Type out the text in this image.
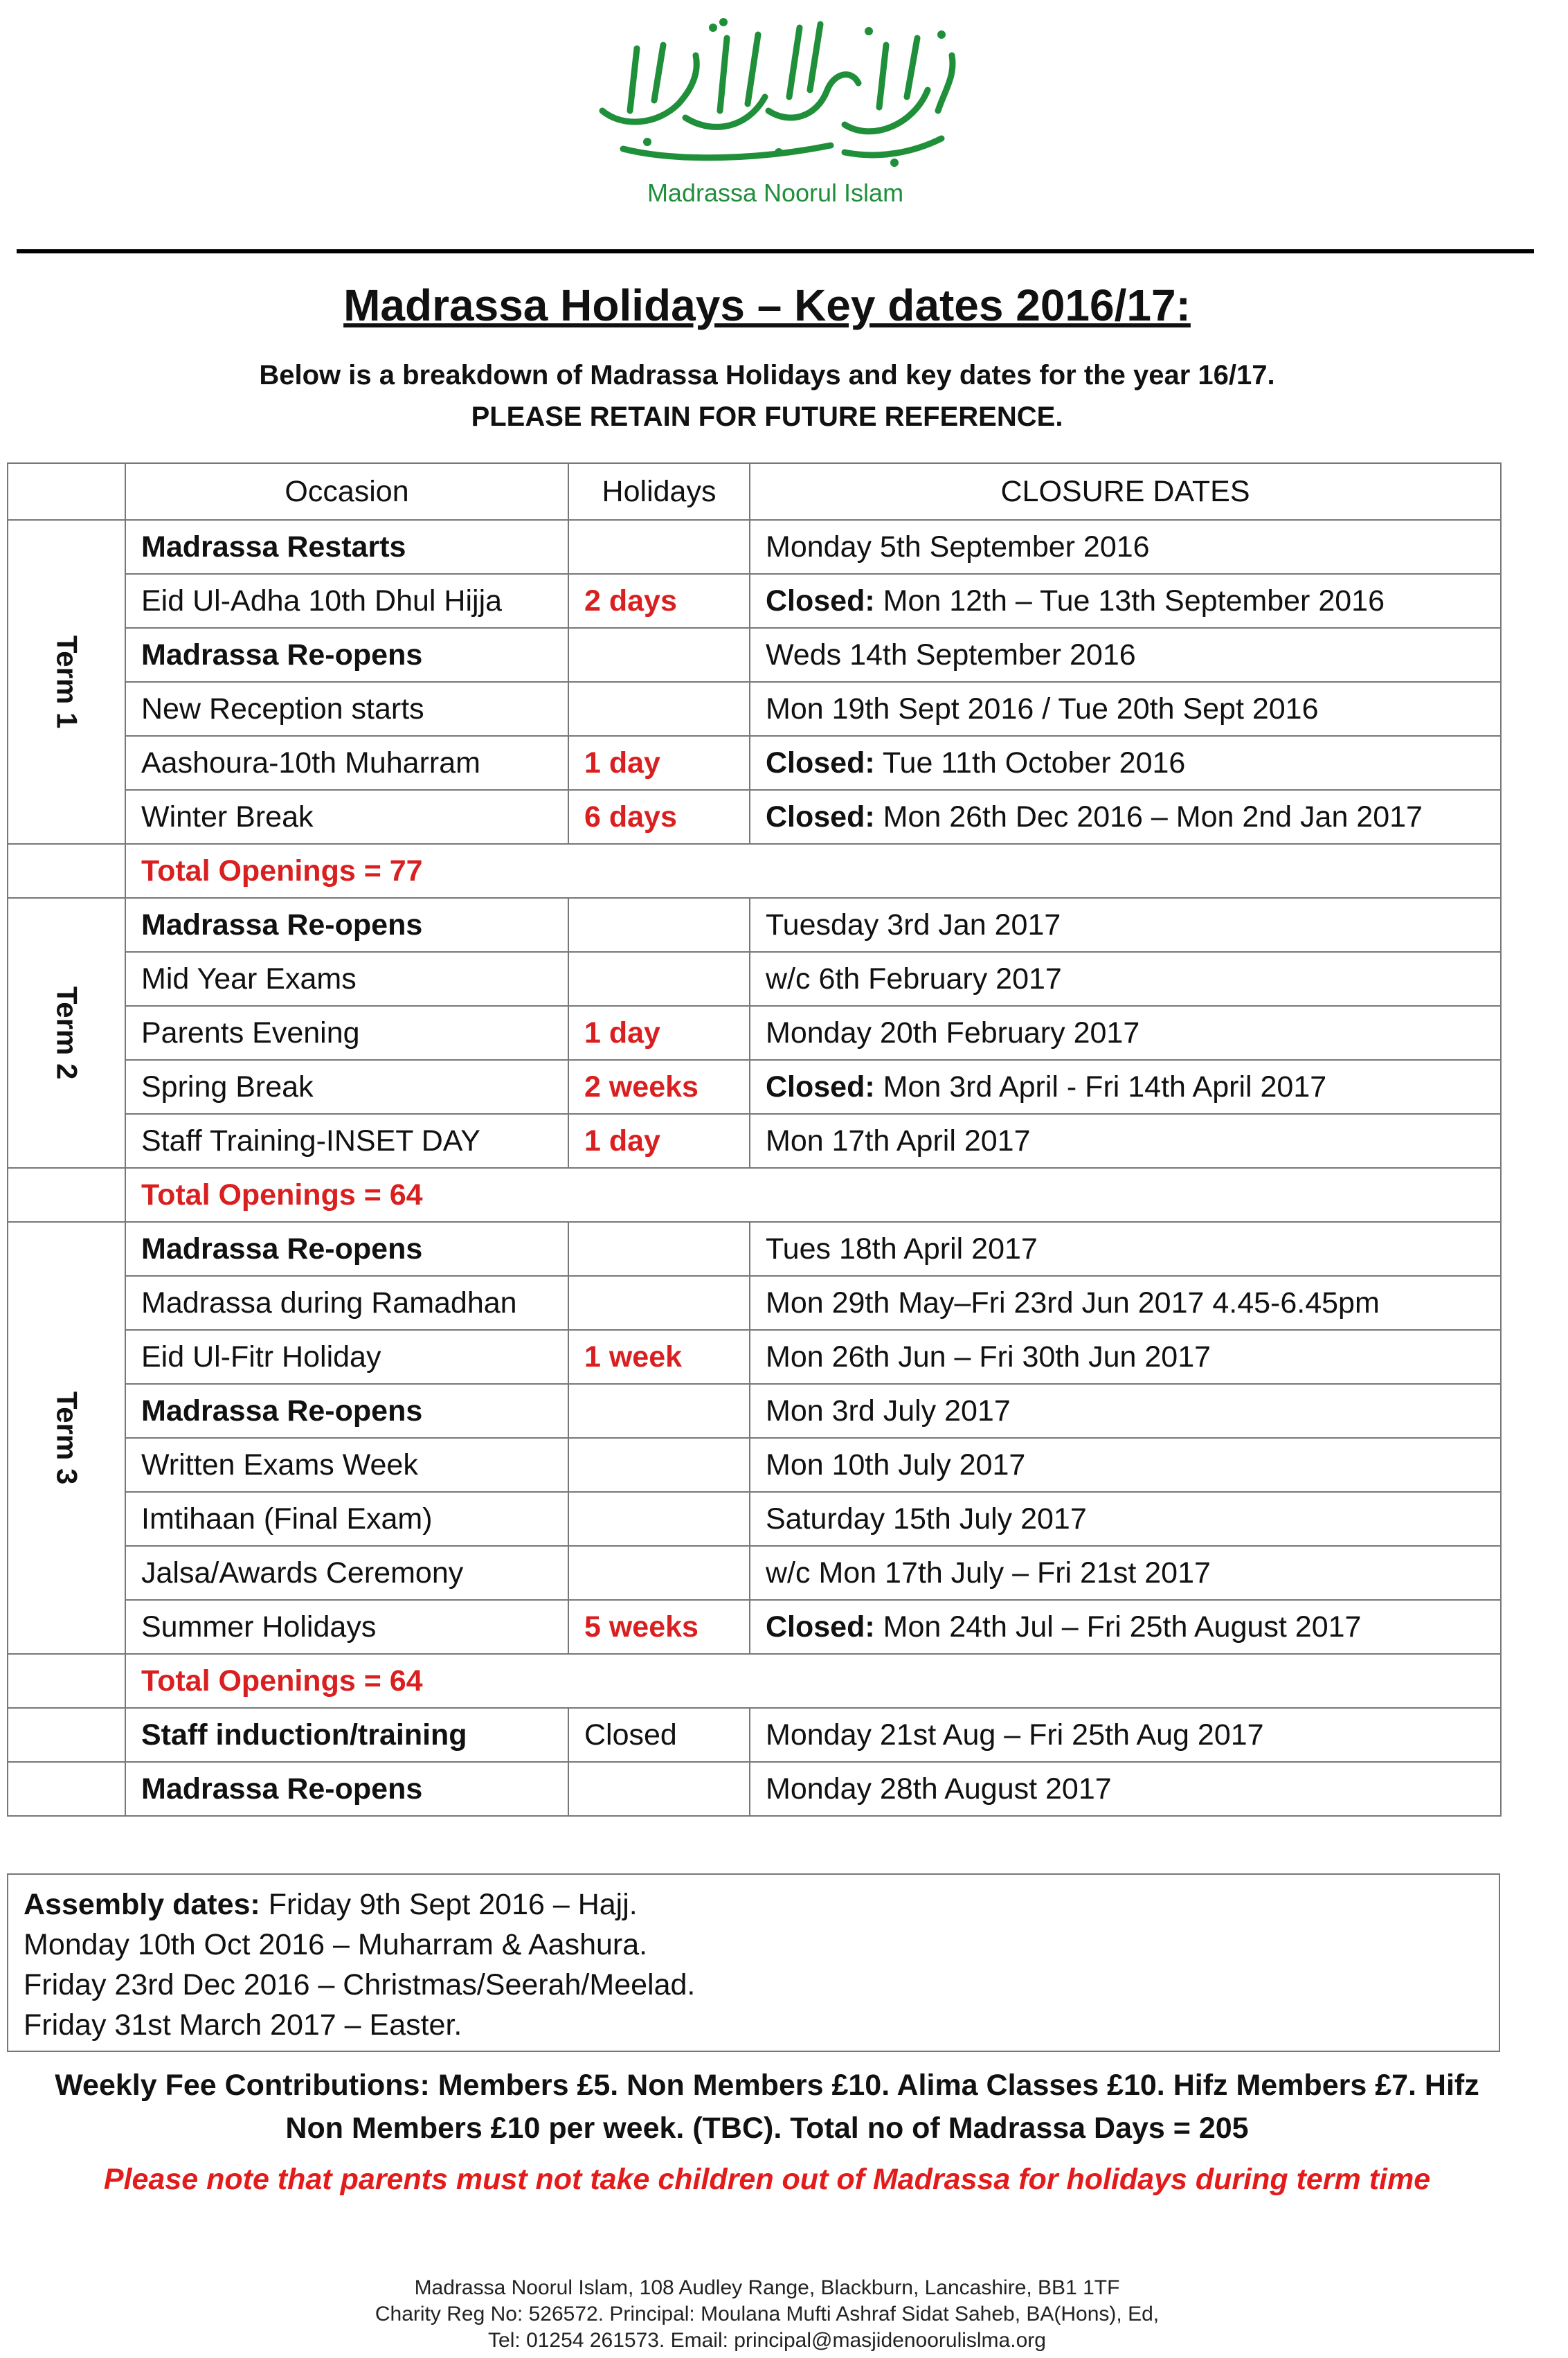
Madrassa Noorul Islam
Madrassa Holidays – Key dates 2016/17:
Below is a breakdown of Madrassa Holidays and key dates for the year 16/17.
PLEASE RETAIN FOR FUTURE REFERENCE.
	Occasion	Holidays	CLOSURE DATES
Term 1	Madrassa Restarts		Monday 5th September 2016
	Eid Ul-Adha 10th Dhul Hijja	2 days	Closed: Mon 12th – Tue 13th September 2016
	Madrassa Re-opens		Weds 14th September 2016
	New Reception starts		Mon 19th Sept 2016 / Tue 20th Sept 2016
	Aashoura-10th Muharram	1 day	Closed: Tue 11th October 2016
	Winter Break	6 days	Closed: Mon 26th Dec 2016 – Mon 2nd Jan 2017
	Total Openings = 77		
Term 2	Madrassa Re-opens		Tuesday 3rd Jan 2017
	Mid Year Exams		w/c 6th February 2017
	Parents Evening	1 day	Monday 20th February 2017
	Spring Break	2 weeks	Closed: Mon 3rd April - Fri 14th April 2017
	Staff Training-INSET DAY	1 day	Mon 17th April 2017
	Total Openings = 64		
Term 3	Madrassa Re-opens		Tues 18th April 2017
	Madrassa during Ramadhan		Mon 29th May–Fri 23rd Jun 2017 4.45-6.45pm
	Eid Ul-Fitr Holiday	1 week	Mon 26th Jun – Fri 30th Jun 2017
	Madrassa Re-opens		Mon 3rd July 2017
	Written Exams Week		Mon 10th July 2017
	Imtihaan (Final Exam)		Saturday 15th July 2017
	Jalsa/Awards Ceremony		w/c Mon 17th July – Fri 21st 2017
	Summer Holidays	5 weeks	Closed: Mon 24th Jul – Fri 25th August 2017
	Total Openings = 64		
	Staff induction/training	Closed	Monday 21st Aug – Fri 25th Aug 2017
	Madrassa Re-opens		Monday 28th August 2017
Assembly dates: Friday 9th Sept 2016 – Hajj.
Monday 10th Oct 2016 – Muharram & Aashura.
Friday 23rd Dec 2016 – Christmas/Seerah/Meelad.
Friday 31st March 2017 – Easter.
Weekly Fee Contributions: Members £5. Non Members £10. Alima Classes £10. Hifz Members £7. Hifz
Non Members £10 per week. (TBC). Total no of Madrassa Days = 205
Please note that parents must not take children out of Madrassa for holidays during term time
Madrassa Noorul Islam, 108 Audley Range, Blackburn, Lancashire, BB1 1TF
Charity Reg No: 526572. Principal: Moulana Mufti Ashraf Sidat Saheb, BA(Hons), Ed,
Tel: 01254 261573. Email: principal@masjidenoorulislma.org
